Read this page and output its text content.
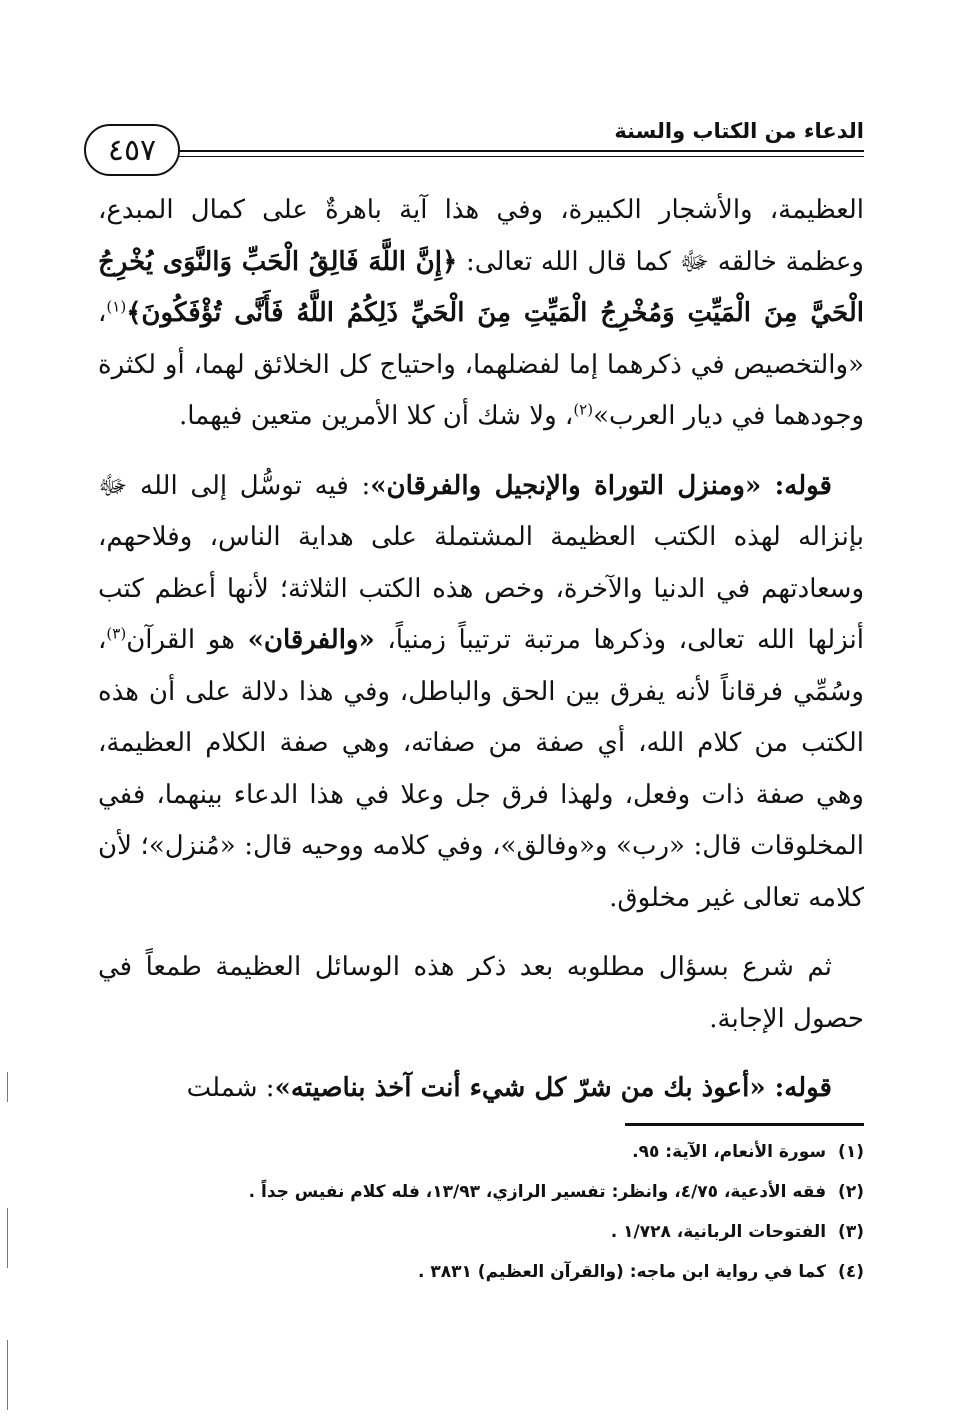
الدعاء من الكتاب والسنة
٤٥٧

العظيمة، والأشجار الكبيرة، وفي هذا آية باهرةٌ على كمال المبدع، وعظمة خالقه ﷻ كما قال الله تعالى: ﴿إِنَّ اللَّهَ فَالِقُ الْحَبِّ وَالنَّوَى يُخْرِجُ الْحَيَّ مِنَ الْمَيِّتِ وَمُخْرِجُ الْمَيِّتِ مِنَ الْحَيِّ ذَلِكُمُ اللَّهُ فَأَنَّى تُؤْفَكُونَ﴾$^{(١)}$، «والتخصيص في ذكرهما إما لفضلهما، واحتياج كل الخلائق لهما، أو لكثرة وجودهما في ديار العرب»$^{(٢)}$، ولا شك أن كلا الأمرين متعين فيهما.

قوله: «ومنزل التوراة والإنجيل والفرقان»: فيه توسُّل إلى الله ﷻ بإنزاله لهذه الكتب العظيمة المشتملة على هداية الناس، وفلاحهم، وسعادتهم في الدنيا والآخرة، وخص هذه الكتب الثلاثة؛ لأنها أعظم كتب أنزلها الله تعالى، وذكرها مرتبة ترتيباً زمنياً، «والفرقان» هو القرآن$^{(٣)}$، وسُمِّي فرقاناً لأنه يفرق بين الحق والباطل، وفي هذا دلالة على أن هذه الكتب من كلام الله، أي صفة من صفاته، وهي صفة الكلام العظيمة، وهي صفة ذات وفعل، ولهذا فرق جل وعلا في هذا الدعاء بينهما، ففي المخلوقات قال: «رب» و«وفالق»، وفي كلامه ووحيه قال: «مُنزل»؛ لأن كلامه تعالى غير مخلوق.

ثم شرع بسؤال مطلوبه بعد ذكر هذه الوسائل العظيمة طمعاً في حصول الإجابة.

قوله: «أعوذ بك من شرّ كل شيء أنت آخذ بناصيته»: شملت

(١) سورة الأنعام، الآية: ٩٥.
(٢) فقه الأدعية، ٤/٧٥، وانظر: تفسير الرازي، ١٣/٩٣، فله كلام نفيس جداً .
(٣) الفتوحات الربانية، ١/٧٢٨ .
(٤) كما في رواية ابن ماجه: (والقرآن العظيم) ٣٨٣١ .
